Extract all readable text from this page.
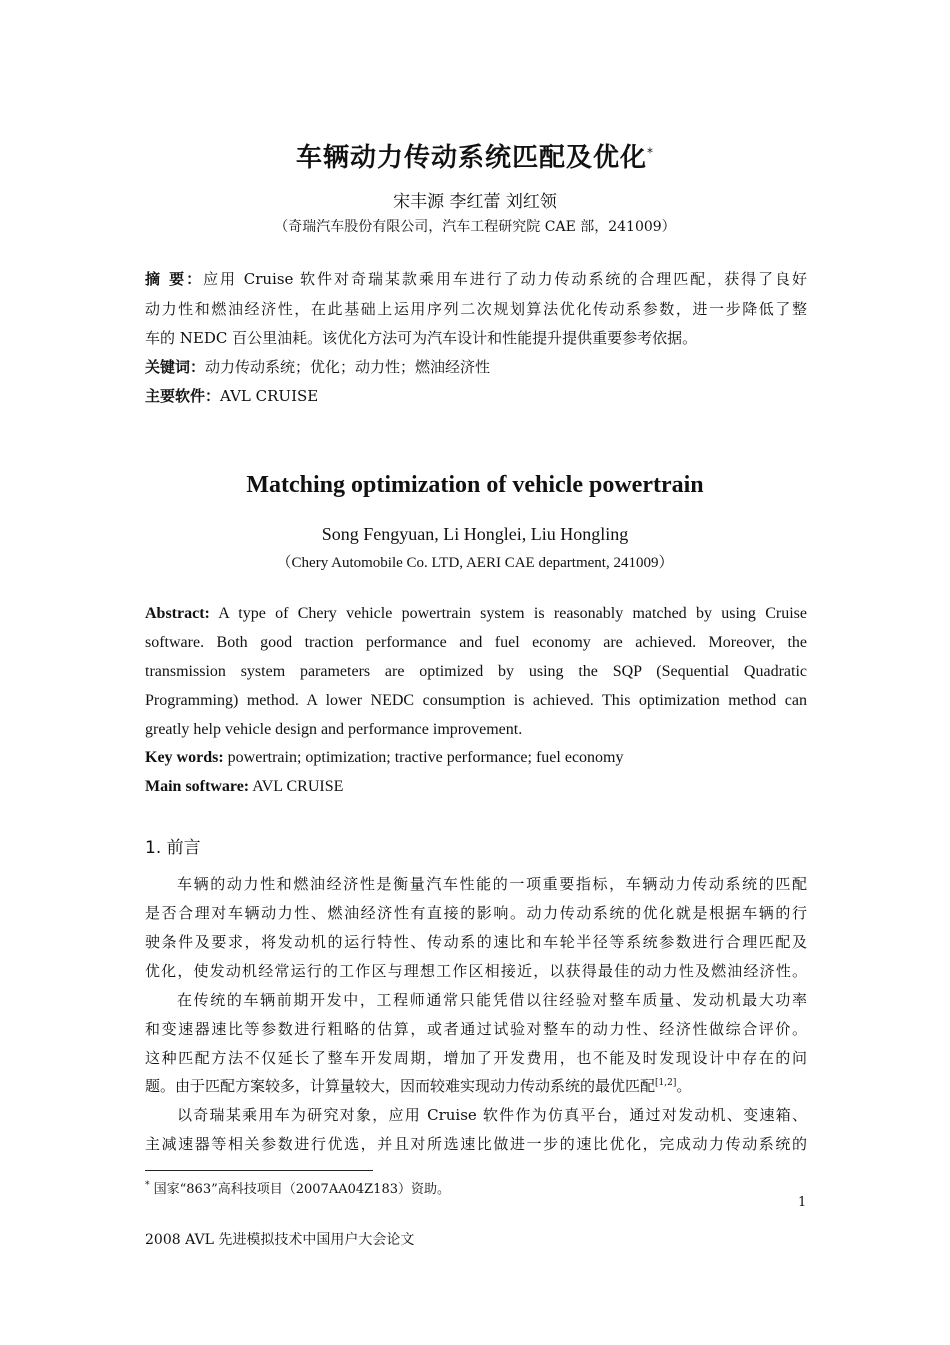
车辆动力传动系统匹配及优化*
宋丰源 李红蕾 刘红领
（奇瑞汽车股份有限公司，汽车工程研究院 CAE 部，241009）
摘 要：应用 Cruise 软件对奇瑞某款乘用车进行了动力传动系统的合理匹配，获得了良好
动力性和燃油经济性，在此基础上运用序列二次规划算法优化传动系参数，进一步降低了整
车的 NEDC 百公里油耗。该优化方法可为汽车设计和性能提升提供重要参考依据。
关键词：动力传动系统；优化；动力性；燃油经济性
主要软件：AVL CRUISE
Matching optimization of vehicle powertrain
Song Fengyuan, Li Honglei, Liu Hongling
（Chery Automobile Co. LTD, AERI CAE department, 241009）
Abstract: A type of Chery vehicle powertrain system is reasonably matched by using Cruise
software. Both good traction performance and fuel economy are achieved. Moreover, the
transmission system parameters are optimized by using the SQP (Sequential Quadratic
Programming) method. A lower NEDC consumption is achieved. This optimization method can
greatly help vehicle design and performance improvement.
Key words: powertrain; optimization; tractive performance; fuel economy
Main software: AVL CRUISE
1. 前言
车辆的动力性和燃油经济性是衡量汽车性能的一项重要指标，车辆动力传动系统的匹配
是否合理对车辆动力性、燃油经济性有直接的影响。动力传动系统的优化就是根据车辆的行
驶条件及要求，将发动机的运行特性、传动系的速比和车轮半径等系统参数进行合理匹配及
优化，使发动机经常运行的工作区与理想工作区相接近，以获得最佳的动力性及燃油经济性。
在传统的车辆前期开发中，工程师通常只能凭借以往经验对整车质量、发动机最大功率
和变速器速比等参数进行粗略的估算，或者通过试验对整车的动力性、经济性做综合评价。
这种匹配方法不仅延长了整车开发周期，增加了开发费用，也不能及时发现设计中存在的问
题。由于匹配方案较多，计算量较大，因而较难实现动力传动系统的最优匹配[1,2]。
以奇瑞某乘用车为研究对象，应用 Cruise 软件作为仿真平台，通过对发动机、变速箱、
主减速器等相关参数进行优选，并且对所选速比做进一步的速比优化，完成动力传动系统的
* 国家“863”高科技项目（2007AA04Z183）资助。
1
2008 AVL 先进模拟技术中国用户大会论文
